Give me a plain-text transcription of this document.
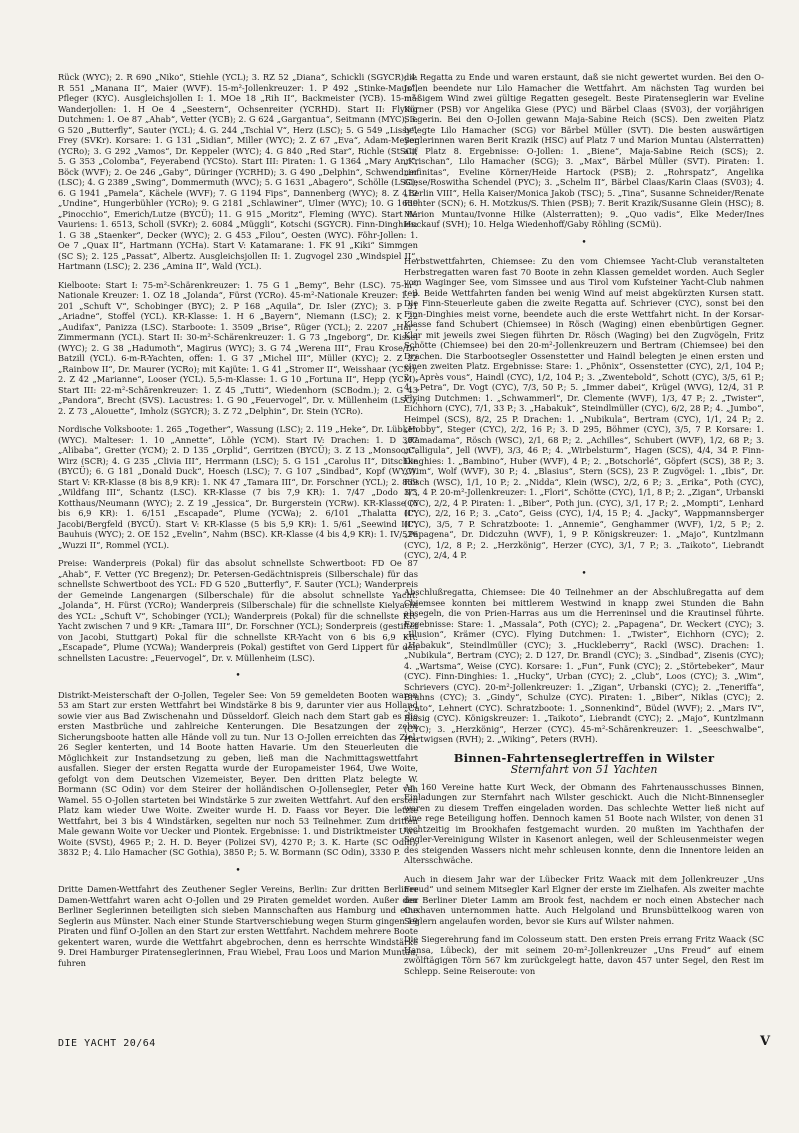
Rück (WYC); 2. R 690 „Niko“, Stiehle (YCL); 3. RZ 52 „Diana“, Schickli (SGYCR); 4. R 551 „Manana II“, Maier (WVF). 15-m²-Jollenkreuzer: 1. P 492 „Stinke-Maus“, Pfleger (KYC). Ausgleichsjollen I: 1. MOe 18 „Rih II“, Backmeister (YCB). 15-m²-Wanderjollen: 1. H Oe 4 „Seestern“, Ochsenreiter (YCRHD). Start II: Flying Dutchmen: 1. Oe 87 „Ahab“, Vetter (YCB); 2. G 624 „Gargantua“, Seitmann (MYC); 3. G 520 „Butterfly“, Sauter (YCL); 4. G. 244 „Tschial V“, Herz (LSC); 5. G 549 „Lissy“, Frey (SVKr). Korsare: 1. G 131 „Sidian“, Miller (WYC); 2. Z 67 „Eva“, Adam-Meyer (YCRo); 3. G 292 „Vamos“, Dr. Keppeler (WYC); 4. G 840 „Red Star“, Richle (StSC); 5. G 353 „Colomba“, Feyerabend (YCSto). Start III: Piraten: 1. G 1364 „Mary Ann“, Böck (WVF); 2. Oe 246 „Gaby“, Düringer (YCRHD); 3. G 490 „Delphin“, Schwendner (LSC); 4. G 2389 „Swing“, Dommermuth (WVC); 5. G 1631 „Abagero“, Schölle (LSC); 6. G 1941 „Pamela“, Kächele (WVF); 7. G 1194 Fips“, Dannenberg (WYC); 8. Z 412 „Undine“, Hungerbühler (YCRo); 9. G 2181 „Schlawiner“, Ulmer (WYC); 10. G 1639 „Pinocchio“, Emerich/Lutze (BYCÜ); 11. G 915 „Moritz“, Fleming (WYC). Start IV: Vauriens: 1. 6513, Scholl (SVKr); 2. 6084 „Müggli“, Kotschi (SGYCR). Finn-Dinghies: 1. G 38 „Staenker“, Decker (WYC); 2. G 453 „Filou“, Oesten (WYC). Föhr-Jollen: 1. Oe 7 „Quax II“, Hartmann (YCHa). Start V: Katamarane: 1. FK 91 „Kiki“ Simmgen (SC S); 2. 125 „Passat“, Albertz. Ausgleichsjollen II: 1. Zugvogel 230 „Windspiel II“, Hartmann (LSC); 2. 236 „Amina II“, Wald (YCL).

Kielboote: Start I: 75-m²-Schärenkreuzer: 1. 75 G 1 „Bemy“, Behr (LSC). 75-m²-Nationale Kreuzer: 1. OZ 18 „Jolanda“, Fürst (YCRo). 45-m²-Nationale Kreuzer: 1. P 201 „Schuft V“, Schobinger (BYC); 2. P 168 „Aquila“, Dr. Isler (ZYC); 3. P 31 „Ariadne“, Stoffel (YCL). KR-Klasse: 1. H 6 „Bayern“, Niemann (LSC); 2. K 22 „Audifax“, Panizza (LSC). Starboote: 1. 3509 „Brise“, Rüger (YCL); 2. 2207 „Hai“, Zimmermann (YCL). Start II: 30-m²-Schärenkreuzer: 1. G 73 „Ingeborg“, Dr. Kissel (WYC); 2. G 38 „Hadumoth“, Magirus (WYC); 3. G 74 „Werena III“, Frau Krose/Dr. Batzill (YCL). 6-m-R-Yachten, offen: 1. G 37 „Michel III“, Müller (KYC); 2. Z 22 „Rainbow II“, Dr. Maurer (YCRo); mit Kajüte: 1. G 41 „Stromer II“, Weisshaar (YCM); 2. Z 42 „Marianne“, Looser (YCL). 5,5-m-Klasse: 1. G 10 „Fortuna II“, Hepp (YCM). Start III: 22-m²-Schärenkreuzer: 1. Z 45 „Tutti“, Wiedenhorn (SCBodm.); 2. G 43 „Pandora“, Brecht (SVS). Lacustres: 1. G 90 „Feuervogel“, Dr. v. Müllenheim (LSC); 2. Z 73 „Alouette“, Imholz (SGYCR); 3. Z 72 „Delphin“, Dr. Stein (YCRo).

Nordische Volksboote: 1. 265 „Together“, Wassung (LSC); 2. 119 „Heke“, Dr. Lübken (WYC). Malteser: 1. 10 „Annette“, Löhle (YCM). Start IV: Drachen: 1. D 307 „Alibaba“, Gretter (YCM); 2. D 135 „Orplid“, Gerritzen (BYCÜ); 3. Z 13 „Monsoon“, Wirz (SCR); 4. G 235 „Clivia III“, Herrmann (LSC); 5. G 151 „Carolus II“, Ditschke (BYCÜ); 6. G 181 „Donald Duck“, Hoesch (LSC); 7. G 107 „Sindbad“, Kopf (WYC). Start V: KR-Klasse (8 bis 8,9 KR): 1. NK 47 „Tamara III“, Dr. Forschner (YCL); 2. 839 „Wildfang III“, Schantz (LSC). KR-Klasse (7 bis 7,9 KR): 1. 7/47 „Dodo II“, Kotthaus/Neumann (WYC); 2. Z 19 „Jessica“, Dr. Burgerstein (YCRw). KR-Klasse (6 bis 6,9 KR): 1. 6/151 „Escapade“, Plume (YCWa); 2. 6/101 „Thalatta II“, Jacobi/Bergfeld (BYCÜ). Start V: KR-Klasse (5 bis 5,9 KR): 1. 5/61 „Seewind III“, Bauhuis (WYC); 2. OE 152 „Evelin“, Nahm (BSC). KR-Klasse (4 bis 4,9 KR): 1. IV/526 „Wuzzi II“, Rommel (YCL).

Preise: Wanderpreis (Pokal) für das absolut schnellste Schwertboot: FD Oe 87 „Ahab“, F. Vetter (YC Bregenz); Dr. Petersen-Gedächtnispreis (Silberschale) für das schnellste Schwertboot des YCL: FD G 520 „Butterfly“, F. Sauter (YCL); Wanderpreis der Gemeinde Langenargen (Silberschale) für die absolut schnellste Yacht: „Jolanda“, H. Fürst (YCRo); Wanderpreis (Silberschale) für die schnellste Kielyacht des YCL: „Schuft V“, Schobinger (YCL); Wanderpreis (Pokal) für die schnellste KR-Yacht zwischen 7 und 9 KR: „Tamara III“, Dr. Forschner (YCL); Sonderpreis (gestiftet von Jacobi, Stuttgart) Pokal für die schnellste KR-Yacht von 6 bis 6,9 KR: „Escapade“, Plume (YCWa); Wanderpreis (Pokal) gestiftet von Gerd Lippert für den schnellsten Lacustre: „Feuervogel“, Dr. v. Müllenheim (LSC).

•

Distrikt-Meisterschaft der O-Jollen, Tegeler See: Von 59 gemeldeten Booten waren 53 am Start zur ersten Wettfahrt bei Windstärke 8 bis 9, darunter vier aus Holland sowie vier aus Bad Zwischenahn und Düsseldorf. Gleich nach dem Start gab es die ersten Mastbrüche und zahlreiche Kenterungen. Die Besatzungen der zehn Sicherungsboote hatten alle Hände voll zu tun. Nur 13 O-Jollen erreichten das Ziel. 26 Segler kenterten, und 14 Boote hatten Havarie. Um den Steuerleuten die Möglichkeit zur Instandsetzung zu geben, ließ man die Nachmittagswettfahrt ausfallen. Sieger der ersten Regatta wurde der Europameister 1964, Uwe Woite, gefolgt von dem Deutschen Vizemeister, Beyer. Den dritten Platz belegte W. Bormann (SC Odin) vor dem Steirer der holländischen O-Jollensegler, Peter van Wamel. 55 O-Jollen starteten bei Windstärke 5 zur zweiten Wettfahrt. Auf den ersten Platz kam wieder Uwe Woite. Zweiter wurde H. D. Faass vor Beyer. Die letzte Wettfahrt, bei 3 bis 4 Windstärken, segelten nur noch 53 Teilnehmer. Zum dritten Male gewann Woite vor Uecker und Piontek. Ergebnisse: 1. und Distriktmeister Uwe Woite (SVSt), 4965 P.; 2. H. D. Beyer (Polizei SV), 4270 P.; 3. K. Harte (SC Odin), 3832 P.; 4. Lilo Hamacher (SC Gothia), 3850 P.; 5. W. Bormann (SC Odin), 3330 P.

•

Dritte Damen-Wettfahrt des Zeuthener Segler Vereins, Berlin: Zur dritten Berliner Damen-Wettfahrt waren acht O-Jollen und 29 Piraten gemeldet worden. Außer den Berliner Seglerinnen beteiligten sich sieben Mannschaften aus Hamburg und eine Seglerin aus Münster. Nach einer Stunde Startverschiebung wegen Sturm gingen 19 Piraten und fünf O-Jollen an den Start zur ersten Wettfahrt. Nachdem mehrere Boote gekentert waren, wurde die Wettfahrt abgebrochen, denn es herrschte Windstärke 9. Drei Hamburger Piratenseglerinnen, Frau Wiebel, Frau Loos und Marion Muntau, fuhren

die Regatta zu Ende und waren erstaunt, daß sie nicht gewertet wurden. Bei den O-Jollen beendete nur Lilo Hamacher die Wettfahrt. Am nächsten Tag wurden bei mäßigem Wind zwei gültige Regatten gesegelt. Beste Piratenseglerin war Eveline Körner (PSB) vor Angelika Giese (PYC) und Bärbel Claas (SV03), der vorjährigen Siegerin. Bei den O-Jollen gewann Maja-Sabine Reich (SCS). Den zweiten Platz belegte Lilo Hamacher (SCG) vor Bärbel Müller (SVT). Die besten auswärtigen Seglerinnen waren Berit Krazik (HSC) auf Platz 7 und Marion Muntau (Alsterratten) auf Platz 8. Ergebnisse: O-Jollen: 1. „Biene“, Maja-Sabine Reich (SCS); 2. „Krischan“, Lilo Hamacher (SCG); 3. „Max“, Bärbel Müller (SVT). Piraten: 1. „infinitas“, Eveline Körner/Heide Hartock (PSB); 2. „Rohrspatz“, Angelika Giese/Roswitha Schendel (PYC); 3. „Schelm II“, Bärbel Claas/Karin Claas (SV03); 4. „Berlin VIII“, Hella Kaiser/Monica Jakob (TSC); 5. „Tina“, Susanne Schneider/Renate Richter (SCN); 6. H. Motzkus/S. Thien (PSB); 7. Berit Krazik/Susanne Glein (HSC); 8. Marion Muntau/Ivonne Hilke (Alsterratten); 9. „Quo vadis“, Elke Meder/Ines Huckauf (SVH); 10. Helga Wiedenhoff/Gaby Röhling (SCMü).

•

Herbstwettfahrten, Chiemsee: Zu den vom Chiemsee Yacht-Club veranstalteten Herbstregatten waren fast 70 Boote in zehn Klassen gemeldet worden. Auch Segler vom Waginger See, vom Simssee und aus Tirol vom Kufsteiner Yacht-Club nahmen teil. Beide Wettfahrten fanden bei wenig Wind auf meist abgekürzten Kursen statt. Die Finn-Steuerleute gaben die zweite Regatta auf. Schriever (CYC), sonst bei den Finn-Dinghies meist vorne, beendete auch die erste Wettfahrt nicht. In der Korsar-Klasse fand Schubert (Chiemsee) in Rösch (Waging) einen ebenbürtigen Gegner. Klar mit jeweils zwei Siegen führten Dr. Rösch (Waging) bei den Zugvögeln, Fritz Schötte (Chiemsee) bei den 20-m²-Jollenkreuzern und Bertram (Chiemsee) bei den Drachen. Die Starbootsegler Ossenstetter und Haindl belegten je einen ersten und einen zweiten Platz. Ergebnisse: Stare: 1. „Phönix“, Ossenstetter (CYC), 2/1, 104 P.; 2. „Après vous“, Haindl (CYC), 1/2, 104 P.; 3. „Zwentebold“, Schott (CYC), 3/5, 61 P.; 4. „Petra“, Dr. Vogt (CYC), 7/3, 50 P.; 5. „Immer dabei“, Krügel (WVG), 12/4, 31 P. Flying Dutchmen: 1. „Schwammerl“, Dr. Clemente (WVF), 1/3, 47 P.; 2. „Twister“, Eichhorn (CYC), 7/1, 33 P.; 3. „Habakuk“, Steindlmüller (CYC), 6/2, 28 P.; 4. „Jumbo“, Heimpel (SCS), 8/2, 25 P. Drachen: 1. „Nubikula“, Bertram (CYC), 1/1, 24 P.; 2. „Hobby“, Steger (CYC), 2/2, 16 P.; 3. D 295, Böhmer (CYC), 3/5, 7 P. Korsare: 1. „Ramadama“, Rösch (WSC), 2/1, 68 P.; 2. „Achilles“, Schubert (WVF), 1/2, 68 P.; 3. „Calligula“, Jell (WVF), 3/3, 46 P.; 4. „Wirbelsturm“, Hagen (SCS), 4/4, 34 P. Finn-Dinghies: 1. „Bambino“, Huber (WVF), 4 P.; 2. „Botschorlé“, Göpfert (SCS), 38 P.; 3. „Wim“, Wolf (WVF), 30 P.; 4. „Blasius“, Stern (SCS), 23 P. Zugvögel: 1. „Ibis“, Dr. Rösch (WSC), 1/1, 10 P.; 2. „Nidda“, Klein (WSC), 2/2, 6 P.; 3. „Erika“, Poth (CYC), 3/3, 4 P. 20-m²-Jollenkreuzer: 1. „Flori“, Schötte (CYC), 1/1, 8 P.; 2. „Zigan“, Urbanski (CYC), 2/2, 4 P. Piraten: 1. „Biber“, Poth jun. (CYC), 3/1, 17 P.; 2. „Mompti“, Lenhard (CYC), 2/2, 16 P.; 3. „Cato“, Geiss (CYC), 1/4, 15 P.; 4. „Jacky“, Wappmannsberger (CYC), 3/5, 7 P. Schratzboote: 1. „Annemie“, Genghammer (WVF), 1/2, 5 P.; 2. „Papagena“, Dr. Didczuhn (WVF), 1, 9 P. Königskreuzer: 1. „Majo“, Kuntzlmann (CYC), 1/2, 8 P.; 2. „Herzkönig“, Herzer (CYC), 3/1, 7 P.; 3. „Taikoto“, Liebrandt (CYC), 2/4, 4 P.

•

Abschlußregatta, Chiemsee: Die 40 Teilnehmer an der Abschlußregatta auf dem Chiemsee konnten bei mittlerem Westwind in knapp zwei Stunden die Bahn absegeln, die von Prien-Harras aus um die Herreninsel und die Krautinsel führte. Ergebnisse: Stare: 1. „Massala“, Poth (CYC); 2. „Papagena“, Dr. Weckert (CYC); 3. „Illusion“, Krämer (CYC). Flying Dutchmen: 1. „Twister“, Eichhorn (CYC); 2. „Habakuk“, Steindlmüller (CYC); 3. „Huckleberry“, Rackl (WSC). Drachen: 1. „Nubikula“, Bertram (CYC); 2. D 127, Dr. Brandl (CYC); 3. „Sindbad“, Zisenis (CYC); 4. „Wartsma“, Weise (CYC). Korsare: 1. „Fun“, Funk (CYC); 2. „Störtebeker“, Maur (CYC). Finn-Dinghies: 1. „Hucky“, Urban (CYC); 2. „Club“, Loos (CYC); 3. „Wim“, Schrievers (CYC). 20-m²-Jollenkreuzer: 1. „Zigan“, Urbanski (CYC); 2. „Teneriffa“, Bruhns (CYC); 3. „Gindy“, Schulze (CYC). Piraten: 1. „Biber“, Niklas (CYC); 2. „Cato“, Lehnert (CYC). Schratzboote: 1. „Sonnenkind“, Büdel (WVF); 2. „Mars IV“, Blasig (CYC). Königskreuzer: 1. „Taikoto“, Liebrandt (CYC); 2. „Majo“, Kuntzlmann (CYC); 3. „Herzkönig“, Herzer (CYC). 45-m²-Schärenkreuzer: 1. „Seeschwalbe“, Hartwigsen (RVH); 2. „Wiking“, Peters (RVH).

Binnen-Fahrtenseglertreffen in Wilster
Sternfahrt von 51 Yachten

An 160 Vereine hatte Kurt Weck, der Obmann des Fahrtenausschusses Binnen, Einladungen zur Sternfahrt nach Wilster geschickt. Auch die Nicht-Binnensegler waren zu diesem Treffen eingeladen worden. Das schlechte Wetter ließ nicht auf eine rege Beteiligung hoffen. Dennoch kamen 51 Boote nach Wilster, von denen 31 rechtzeitig im Brookhafen festgemacht wurden. 20 mußten im Yachthafen der Segler-Vereinigung Wilster in Kasenort anlegen, weil der Schleusenmeister wegen des steigenden Wassers nicht mehr schleusen konnte, denn die Innentore leiden an Altersschwäche.

Auch in diesem Jahr war der Lübecker Fritz Waack mit dem Jollenkreuzer „Uns Freud“ und seinem Mitsegler Karl Elgner der erste im Zielhafen. Als zweiter machte der Berliner Dieter Lamm am Brook fest, nachdem er noch einen Abstecher nach Cuxhaven unternommen hatte. Auch Helgoland und Brunsbüttelkoog waren von Seglern angelaufen worden, bevor sie Kurs auf Wilster nahmen.

Die Siegerehrung fand im Colosseum statt. Den ersten Preis errang Fritz Waack (SC Hansa, Lübeck), der mit seinem 20-m²-Jollenkreuzer „Uns Freud“ auf einem zwölftägigen Törn 567 km zurückgelegt hatte, davon 457 unter Segel, den Rest im Schlepp. Seine Reiseroute: von

DIE YACHT 20/64	V
